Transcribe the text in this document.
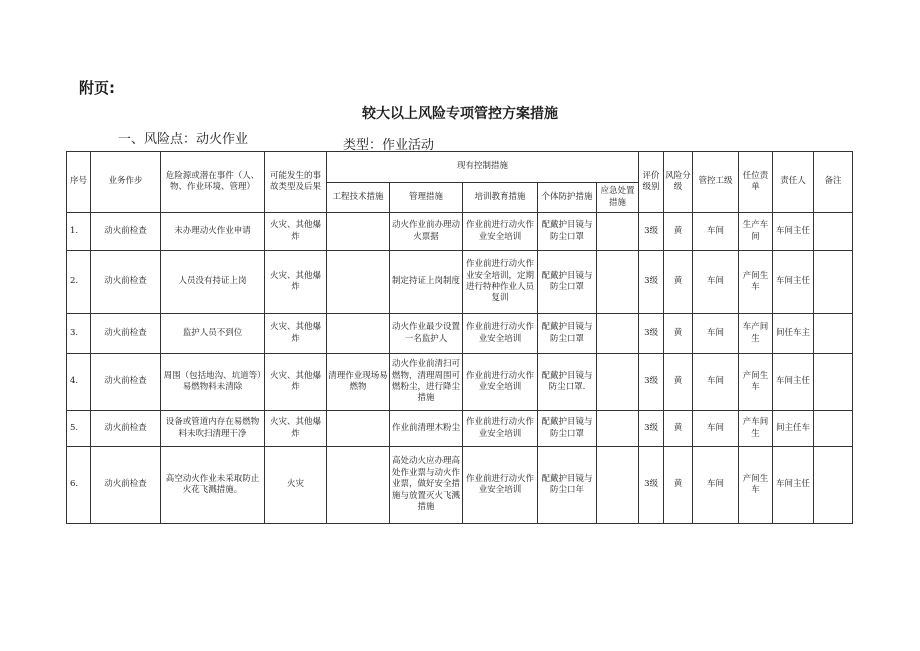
附页:
较大以上风险专项管控方案措施
一、风险点：动火作业	类型：作业活动
序号	业务作步	危险源或潜在事件（人、物、作业环境、管理）	可能发生的事故类型及后果	现有控制措施					评价级别	风险分级	管控工级	任位责单	责任人	备注
				工程技术措施	管理措施	培训教育措施	个体防护措施	应急处置措施						
1.	动火前检查	未办理动火作业申请	火灾、其他爆炸		动火作业前办理动火票据	作业前进行动火作业安全培训	配戴护目镜与防尘口罩		3级	黄	车间	生产车间	车间主任	
2.	动火前检查	人员没有持证上岗	火灾、其他爆炸		制定持证上岗制度	作业前进行动火作业安全培训，定期进行特种作业人员复训	配戴护目镜与防尘口罩		3级	黄	车间	产间生车	车间主任	
3.	动火前检查	监护人员不到位	火灾、其他爆炸		动火作业最少设置一名监护人	作业前进行动火作业安全培训	配戴护目镜与防尘口罩		3级	黄	车间	车产间生	间任车主	
4.	动火前检查	周围（包括地沟、坑道等）易燃物料未清除	火灾、其他爆炸	清理作业现场易燃物	动火作业前清扫可燃物，清理周围可燃粉尘，进行降尘措施	作业前进行动火作业安全培训	配戴护目镜与防尘口罩.		3级	黄	车间	产间生车	车间主任	
5.	动火前检查	设备或管道内存在易燃物料未吹扫清理干净	火灾、其他爆炸		作业前清理木粉尘	作业前进行动火作业安全培训	配戴护目镜与防尘口罩		3级	黄	车间	产车间生	间主任车	
6.	动火前检查	高空动火作业未采取防止火花飞溅措施。	火灾		高处动火应办理高处作业票与动火作业票，做好安全措施与放置灭火飞溅措施	作业前进行动火作业安全培训	配戴护目镜与防尘口年		3级	黄	车间	产间生车	车间主任	
